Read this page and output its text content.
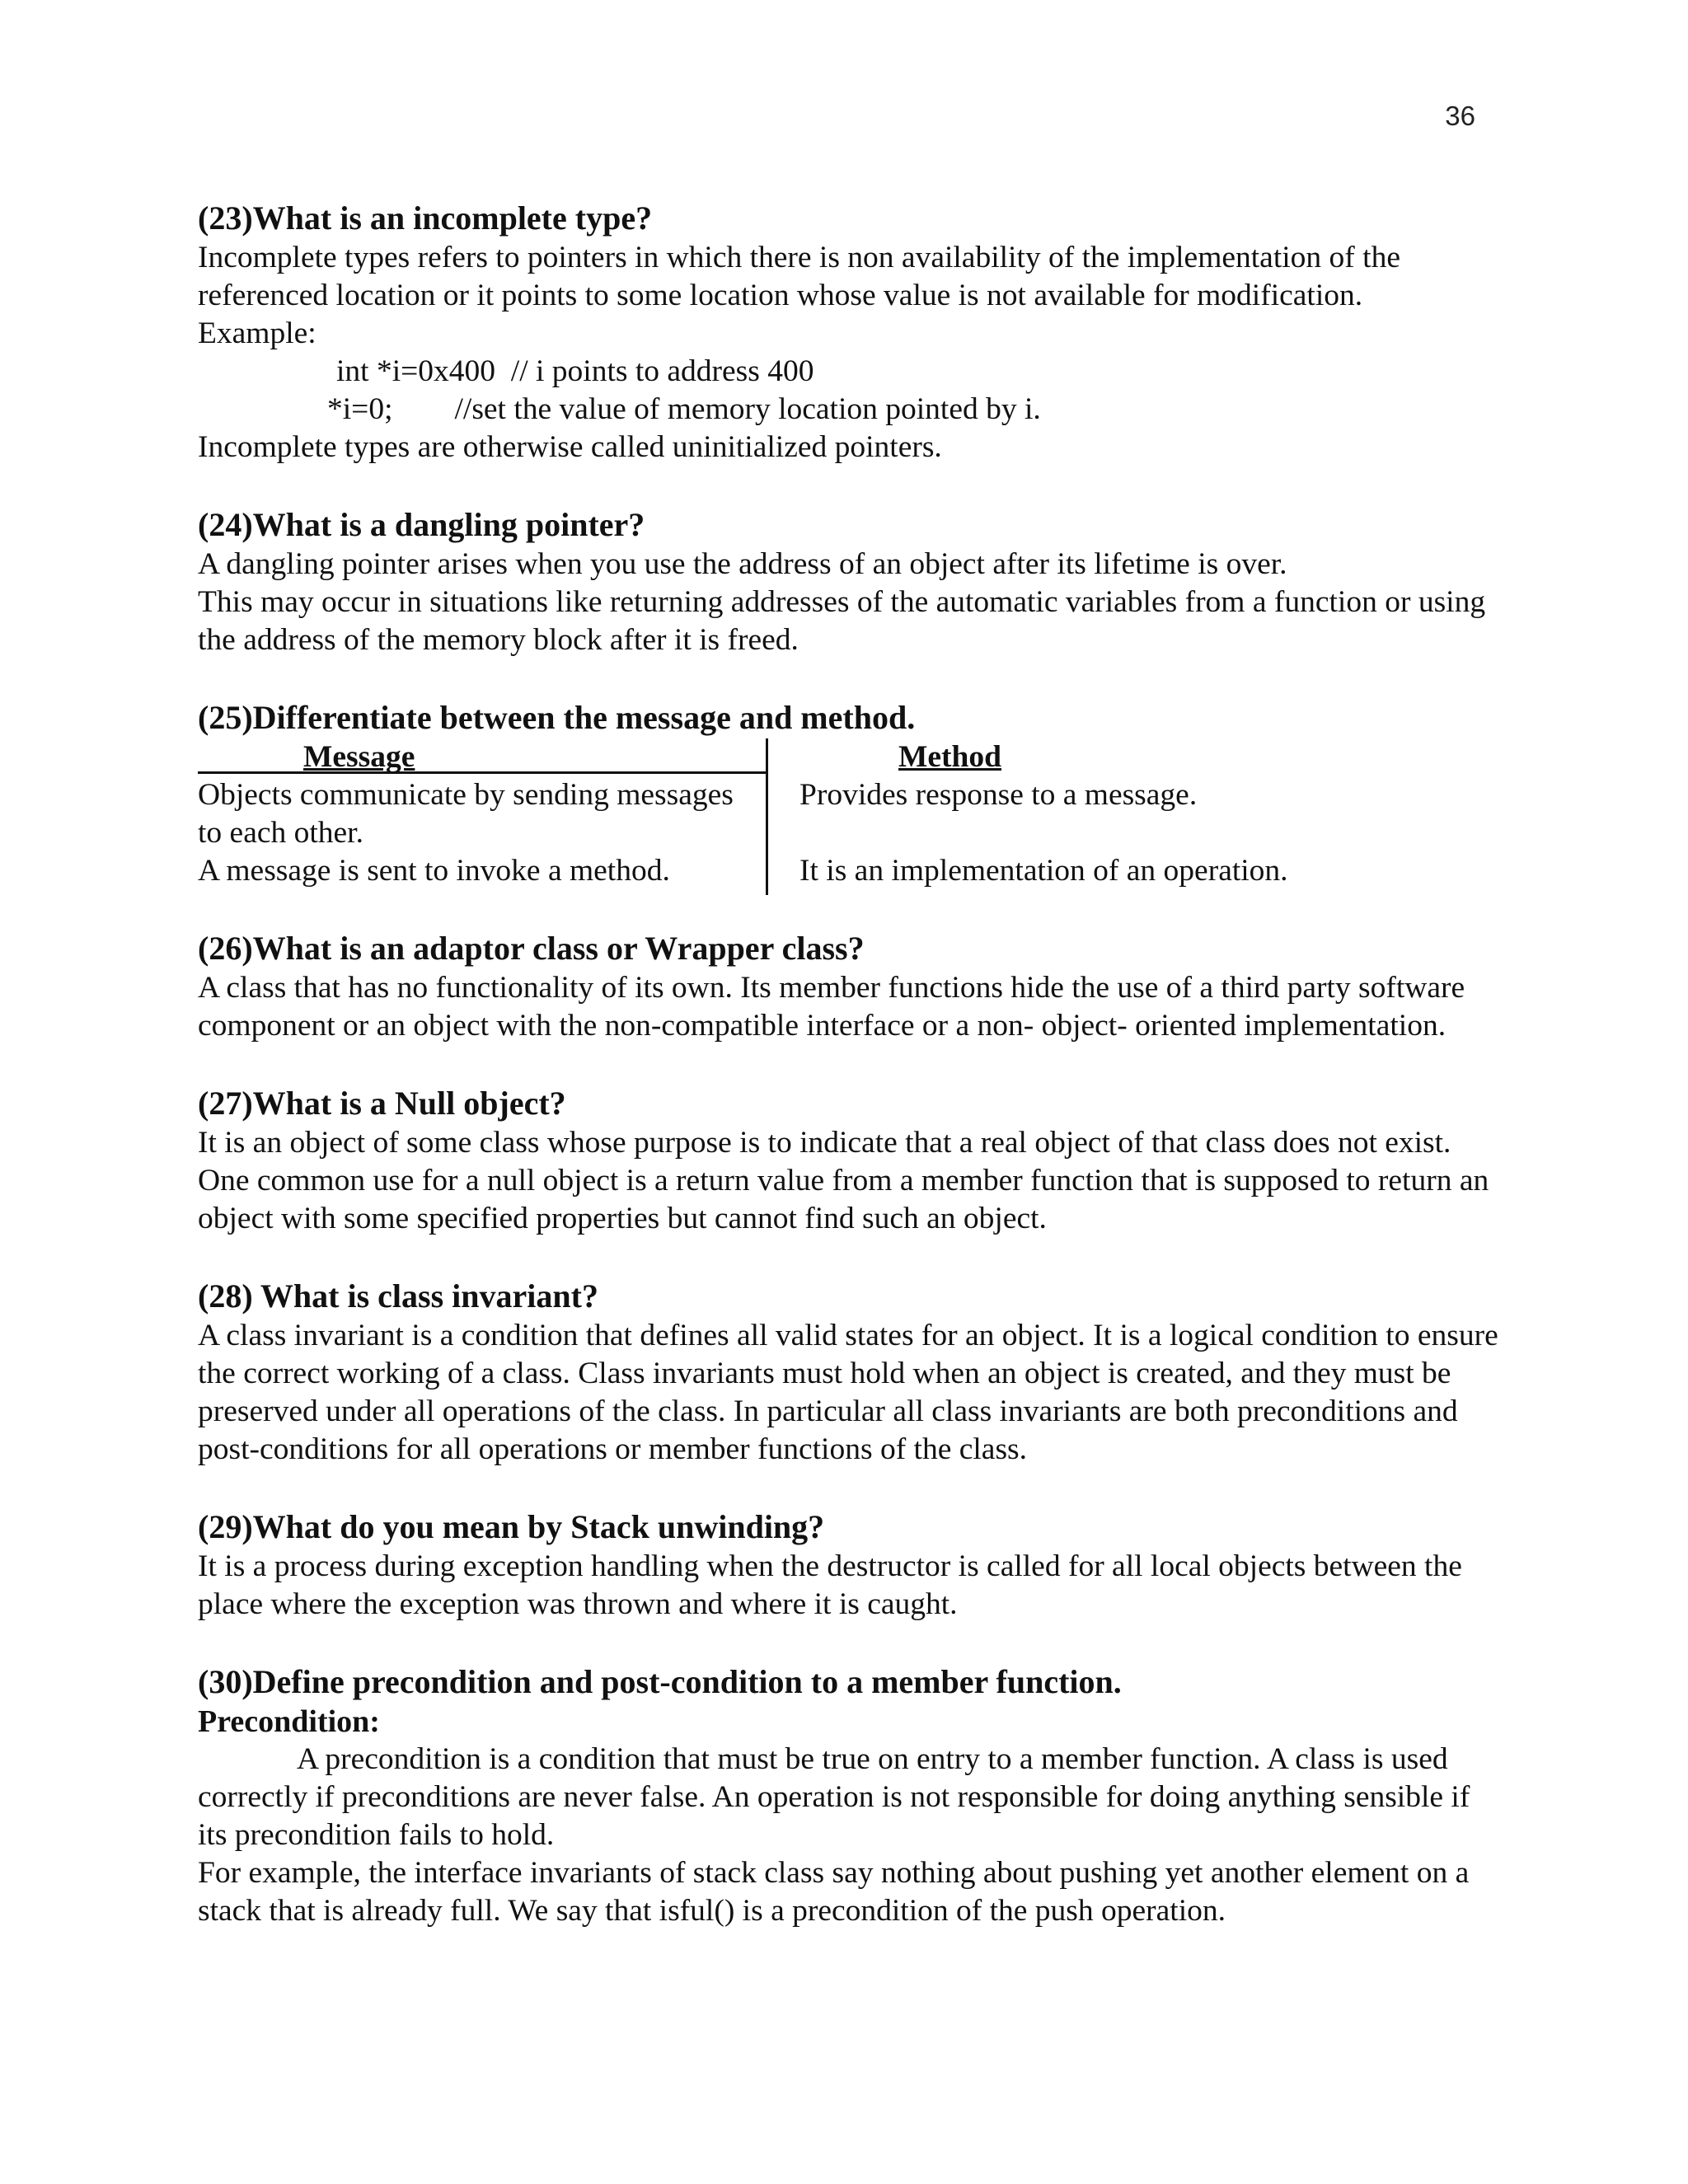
36
(23)What is an incomplete type?
Incomplete types refers to pointers in which there is non availability of the implementation of the referenced location or it points to some location whose value is not available for modification.
Example:
int *i=0x400  // i points to address 400
*i=0;        //set the value of memory location pointed by i.
Incomplete types are otherwise called uninitialized pointers.
(24)What is a dangling pointer?
A dangling pointer arises when you use the address of an object after its lifetime is over.
This may occur in situations like returning addresses of the automatic variables from a function or using the address of the memory block after it is freed.
(25)Differentiate between the message and method.
Message	Method
Objects communicate by sending messages to each other.
Provides response to a message.
A message is sent to invoke a method.	It is an implementation of an operation.
(26)What is an adaptor class or Wrapper class?
A class that has no functionality of its own. Its member functions hide the use of a third party software component or an object with the non-compatible interface or a non- object- oriented implementation.
(27)What is a Null object?
It is an object of some class whose purpose is to indicate that a real object of that class does not exist. One common use for a null object is a return value from a member function that is supposed to return an object with some specified properties but cannot find such an object.
(28) What is class invariant?
A class invariant is a condition that defines all valid states for an object. It is a logical condition to ensure the correct working of a class. Class invariants must hold when an object is created, and they must be preserved under all operations of the class. In particular all class invariants are both preconditions and post-conditions for all operations or member functions of the class.
(29)What do you mean by Stack unwinding?
It is a process during exception handling when the destructor is called for all local objects between the place where the exception was thrown and where it is caught.
(30)Define precondition and post-condition to a member function.
Precondition:
A precondition is a condition that must be true on entry to a member function. A class is used correctly if preconditions are never false. An operation is not responsible for doing anything sensible if its precondition fails to hold.
For example, the interface invariants of stack class say nothing about pushing yet another element on a stack that is already full. We say that isful() is a precondition of the push operation.
